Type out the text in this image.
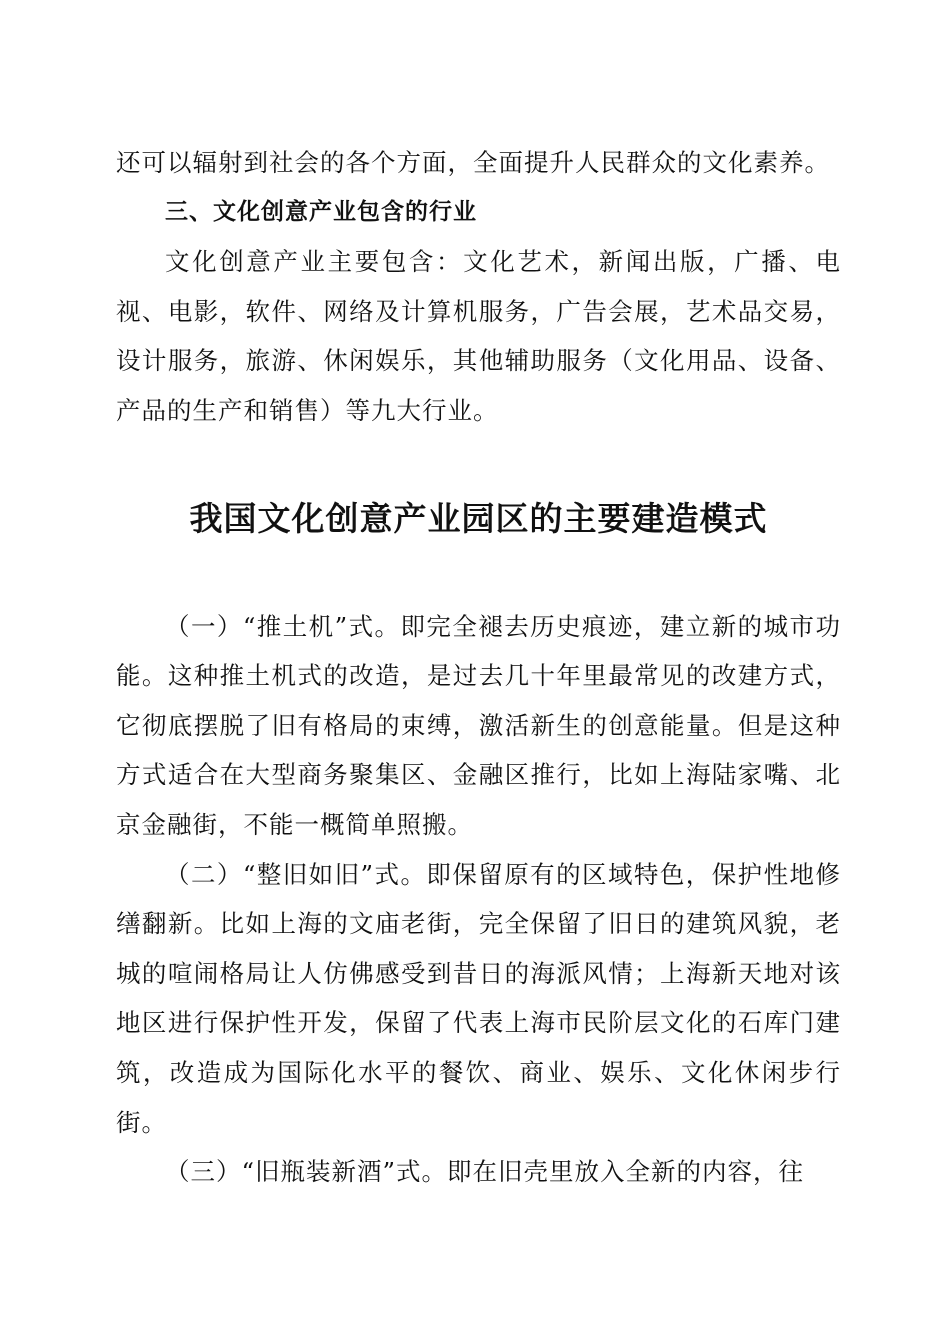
还可以辐射到社会的各个方面，全面提升人民群众的文化素养。

三、文化创意产业包含的行业

文化创意产业主要包含：文化艺术，新闻出版，广播、电视、电影，软件、网络及计算机服务，广告会展，艺术品交易，设计服务，旅游、休闲娱乐，其他辅助服务（文化用品、设备、产品的生产和销售）等九大行业。

我国文化创意产业园区的主要建造模式

（一）“推土机”式。即完全褪去历史痕迹，建立新的城市功能。这种推土机式的改造，是过去几十年里最常见的改建方式，它彻底摆脱了旧有格局的束缚，激活新生的创意能量。但是这种方式适合在大型商务聚集区、金融区推行，比如上海陆家嘴、北京金融街，不能一概简单照搬。

（二）“整旧如旧”式。即保留原有的区域特色，保护性地修缮翻新。比如上海的文庙老街，完全保留了旧日的建筑风貌，老城的喧闹格局让人仿佛感受到昔日的海派风情；上海新天地对该地区进行保护性开发，保留了代表上海市民阶层文化的石库门建筑，改造成为国际化水平的餐饮、商业、娱乐、文化休闲步行街。

（三）“旧瓶装新酒”式。即在旧壳里放入全新的内容，往
